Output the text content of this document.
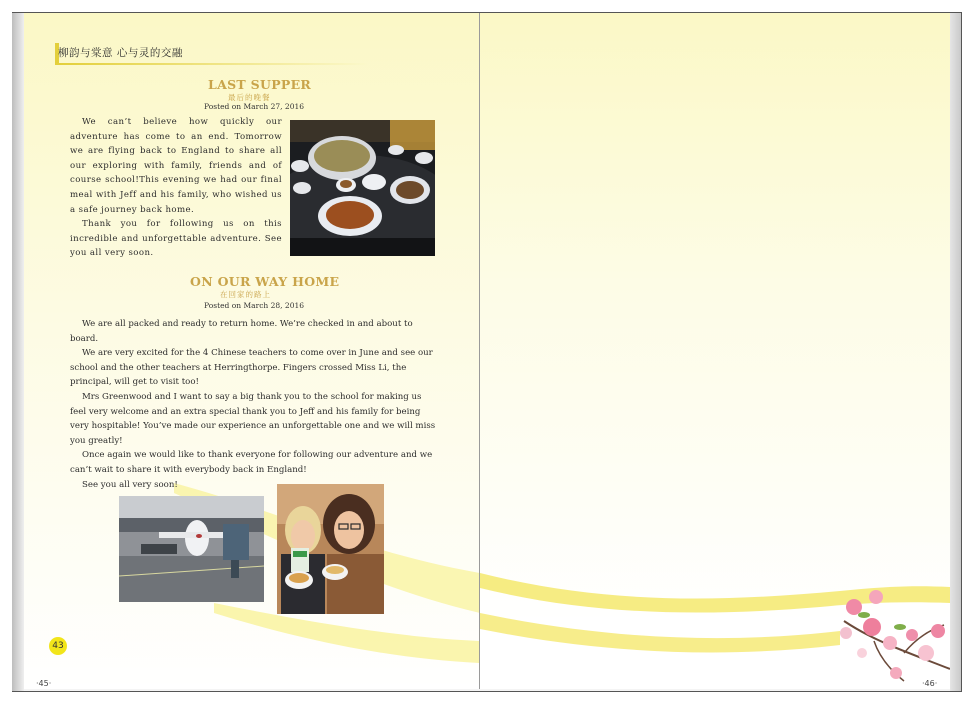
柳韵与棠意 心与灵的交融
LAST SUPPER
最后的晚餐
Posted on March 27, 2016

We can’t believe how quickly our adventure has come to an end. Tomorrow we are flying back to England to share all our exploring with family, friends and of course school!This evening we had our final meal with Jeff and his family, who wished us a safe journey back home.

Thank you for following us on this incredible and unforgettable adventure. See you all very soon.

ON OUR WAY HOME
在回家的路上
Posted on March 28, 2016

We are all packed and ready to return home. We’re checked in and about to board.

We are very excited for the 4 Chinese teachers to come over in June and see our school and the other teachers at Herringthorpe. Fingers crossed Miss Li, the principal, will get to visit too!

Mrs Greenwood and I want to say a big thank you to the school for making us feel very welcome and an extra special thank you to Jeff and his family for being very hospitable! You’ve made our experience an unforgettable one and we will miss you greatly!

Once again we would like to thank everyone for following our adventure and we can’t wait to share it with everybody back in England!

See you all very soon!

43
·45·	·46·
